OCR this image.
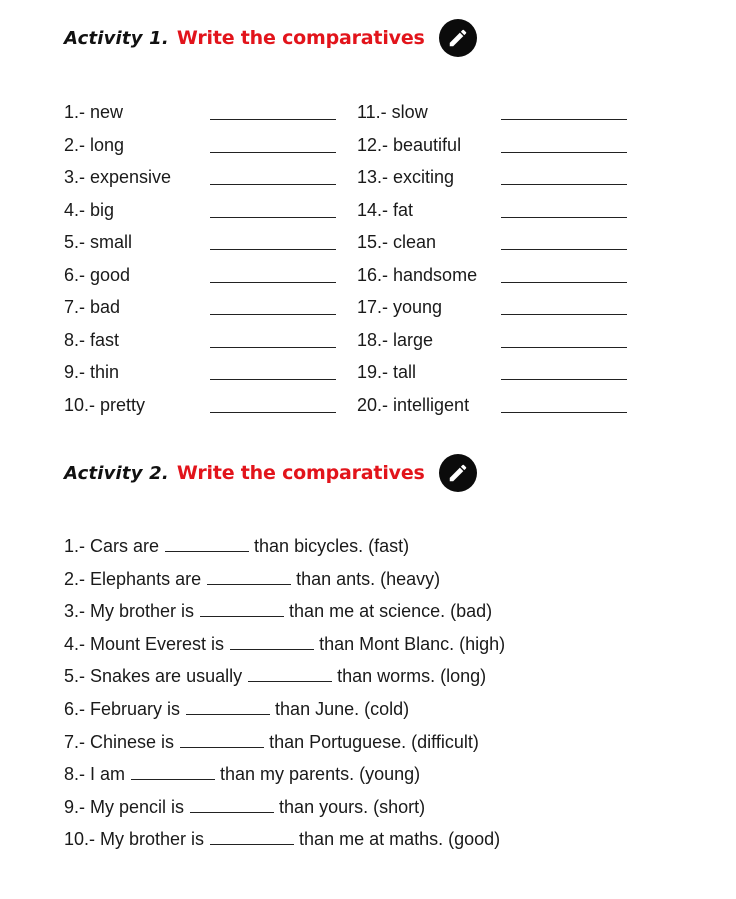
Activity 1. Write the comparatives
1.- new
2.- long
3.- expensive
4.- big
5.- small
6.- good
7.- bad
8.- fast
9.- thin
10.- pretty
11.- slow
12.- beautiful
13.- exciting
14.- fat
15.- clean
16.- handsome
17.- young
18.- large
19.- tall
20.- intelligent
Activity 2. Write the comparatives
1.- Cars are	than bicycles. (fast)
2.- Elephants are	than ants. (heavy)
3.- My brother is	than me at science. (bad)
4.- Mount Everest is	than Mont Blanc. (high)
5.- Snakes are usually	than worms. (long)
6.- February is	than June. (cold)
7.- Chinese is	than Portuguese. (difficult)
8.- I am	than my parents. (young)
9.- My pencil is	than yours. (short)
10.- My brother is	than me at maths. (good)
